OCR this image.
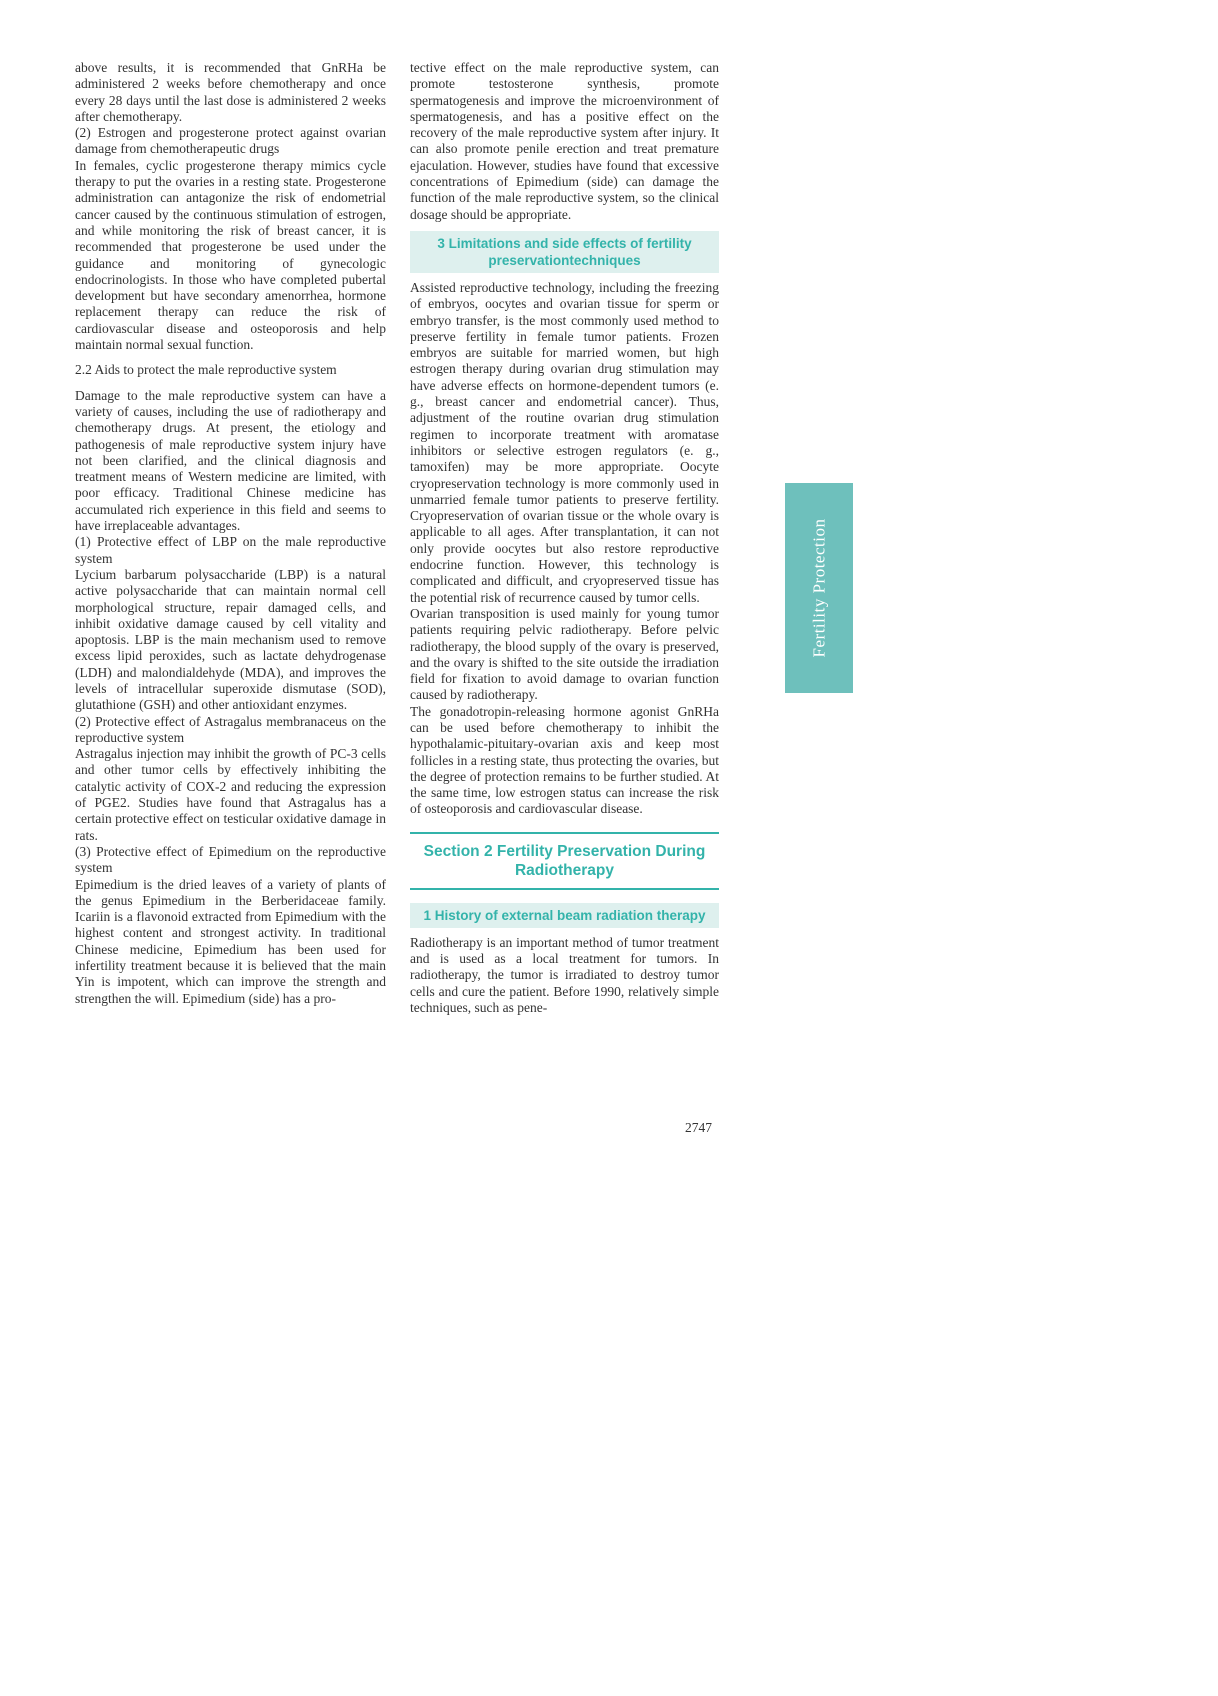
above results, it is recommended that GnRHa be administered 2 weeks before chemotherapy and once every 28 days until the last dose is administered 2 weeks after chemotherapy.

(2) Estrogen and progesterone protect against ovarian damage from chemotherapeutic drugs

In females, cyclic progesterone therapy mimics cycle therapy to put the ovaries in a resting state. Progesterone administration can antagonize the risk of endometrial cancer caused by the continuous stimulation of estrogen, and while monitoring the risk of breast cancer, it is recommended that progesterone be used under the guidance and monitoring of gynecologic endocrinologists. In those who have completed pubertal development but have secondary amenorrhea, hormone replacement therapy can reduce the risk of cardiovascular disease and osteoporosis and help maintain normal sexual function.

2.2 Aids to protect the male reproductive system

Damage to the male reproductive system can have a variety of causes, including the use of radiotherapy and chemotherapy drugs. At present, the etiology and pathogenesis of male reproductive system injury have not been clarified, and the clinical diagnosis and treatment means of Western medicine are limited, with poor efficacy. Traditional Chinese medicine has accumulated rich experience in this field and seems to have irreplaceable advantages.

(1) Protective effect of LBP on the male reproductive system

Lycium barbarum polysaccharide (LBP) is a natural active polysaccharide that can maintain normal cell morphological structure, repair damaged cells, and inhibit oxidative damage caused by cell vitality and apoptosis. LBP is the main mechanism used to remove excess lipid peroxides, such as lactate dehydrogenase (LDH) and malondialdehyde (MDA), and improves the levels of intracellular superoxide dismutase (SOD), glutathione (GSH) and other antioxidant enzymes.

(2) Protective effect of Astragalus membranaceus on the reproductive system

Astragalus injection may inhibit the growth of PC-3 cells and other tumor cells by effectively inhibiting the catalytic activity of COX-2 and reducing the expression of PGE2. Studies have found that Astragalus has a certain protective effect on testicular oxidative damage in rats.

(3) Protective effect of Epimedium on the reproductive system

Epimedium is the dried leaves of a variety of plants of the genus Epimedium in the Berberidaceae family. Icariin is a flavonoid extracted from Epimedium with the highest content and strongest activity. In traditional Chinese medicine, Epimedium has been used for infertility treatment because it is believed that the main Yin is impotent, which can improve the strength and strengthen the will. Epimedium (side) has a pro-

tective effect on the male reproductive system, can promote testosterone synthesis, promote spermatogenesis and improve the microenvironment of spermatogenesis, and has a positive effect on the recovery of the male reproductive system after injury. It can also promote penile erection and treat premature ejaculation. However, studies have found that excessive concentrations of Epimedium (side) can damage the function of the male reproductive system, so the clinical dosage should be appropriate.

3 Limitations and side effects of fertility
preservationtechniques

Assisted reproductive technology, including the freezing of embryos, oocytes and ovarian tissue for sperm or embryo transfer, is the most commonly used method to preserve fertility in female tumor patients. Frozen embryos are suitable for married women, but high estrogen therapy during ovarian drug stimulation may have adverse effects on hormone-dependent tumors (e. g., breast cancer and endometrial cancer). Thus, adjustment of the routine ovarian drug stimulation regimen to incorporate treatment with aromatase inhibitors or selective estrogen regulators (e. g., tamoxifen) may be more appropriate. Oocyte cryopreservation technology is more commonly used in unmarried female tumor patients to preserve fertility. Cryopreservation of ovarian tissue or the whole ovary is applicable to all ages. After transplantation, it can not only provide oocytes but also restore reproductive endocrine function. However, this technology is complicated and difficult, and cryopreserved tissue has the potential risk of recurrence caused by tumor cells.

Ovarian transposition is used mainly for young tumor patients requiring pelvic radiotherapy. Before pelvic radiotherapy, the blood supply of the ovary is preserved, and the ovary is shifted to the site outside the irradiation field for fixation to avoid damage to ovarian function caused by radiotherapy.

The gonadotropin-releasing hormone agonist GnRHa can be used before chemotherapy to inhibit the hypothalamic-pituitary-ovarian axis and keep most follicles in a resting state, thus protecting the ovaries, but the degree of protection remains to be further studied. At the same time, low estrogen status can increase the risk of osteoporosis and cardiovascular disease.

Section 2 Fertility Preservation During
Radiotherapy
1 History of external beam radiation therapy

Radiotherapy is an important method of tumor treatment and is used as a local treatment for tumors. In radiotherapy, the tumor is irradiated to destroy tumor cells and cure the patient. Before 1990, relatively simple techniques, such as pene-

Fertility Protection
2747
